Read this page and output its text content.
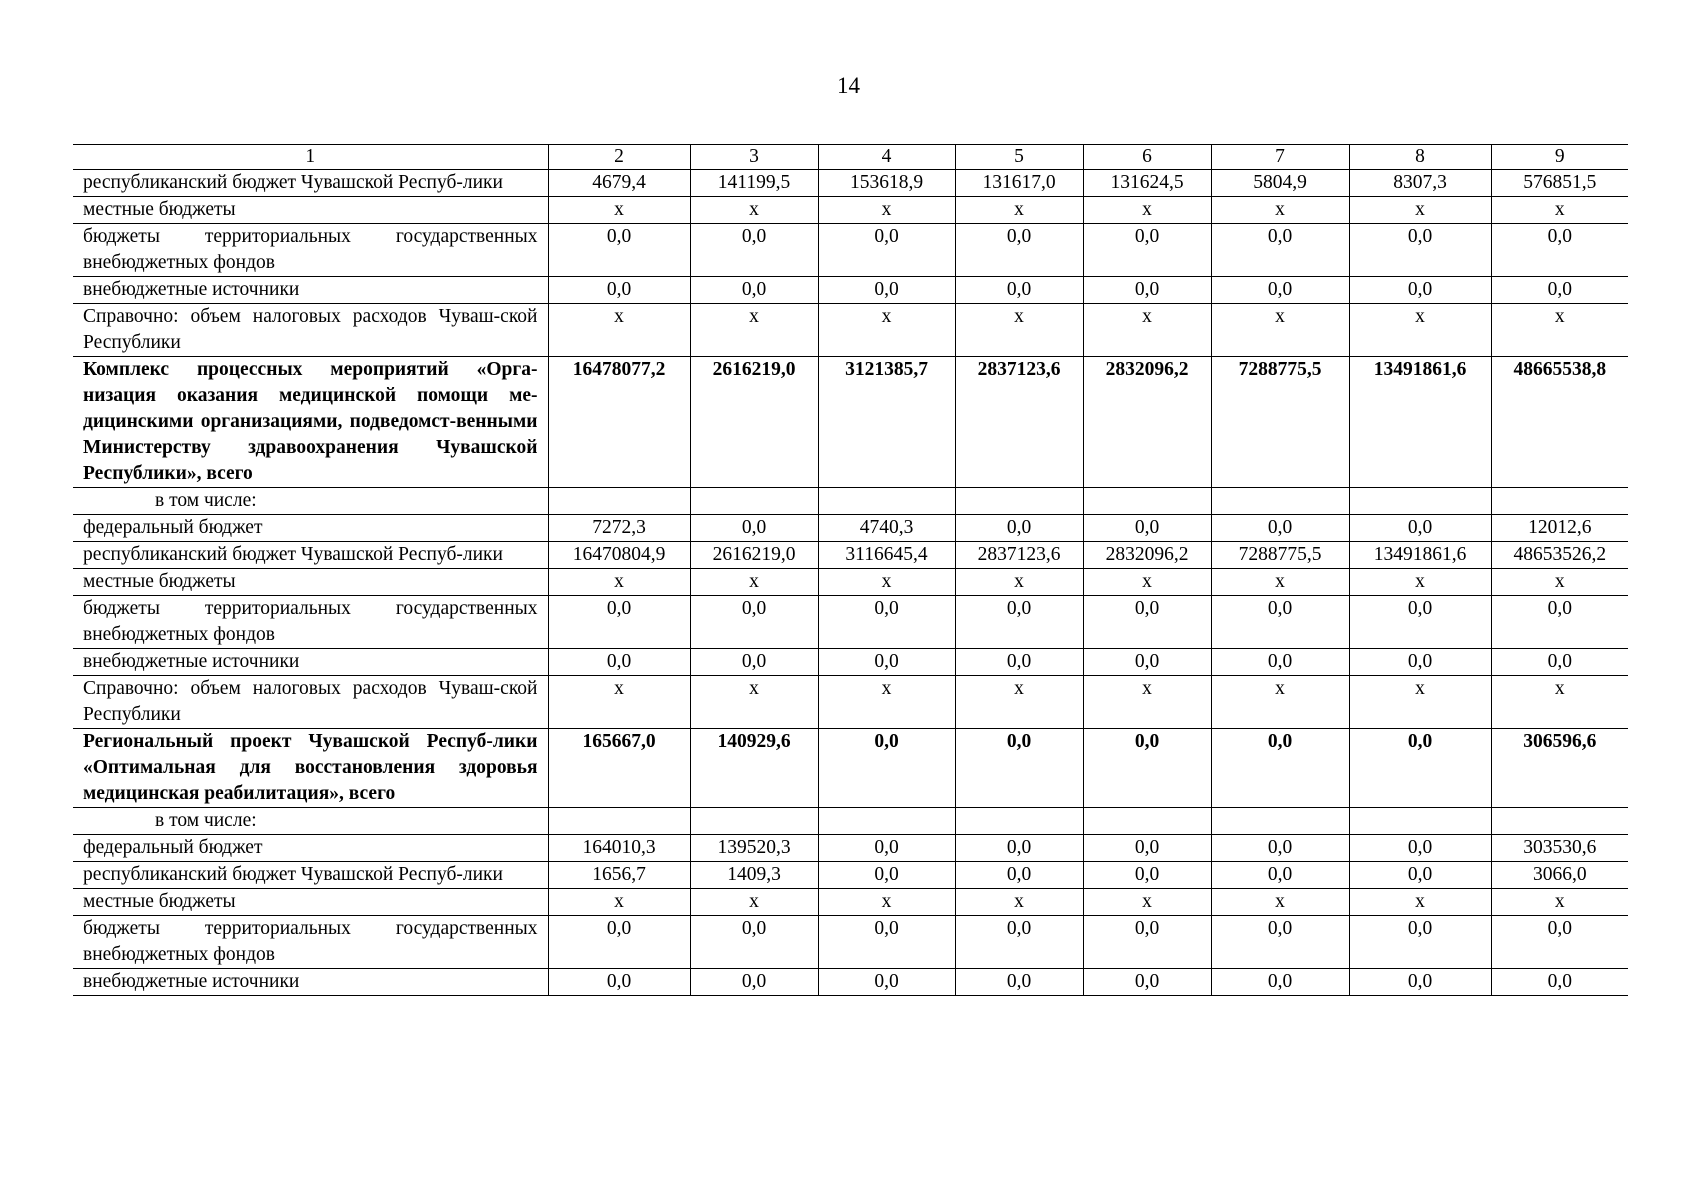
14
1	2	3	4	5	6	7	8	9
республиканский бюджет Чувашской Респуб-лики	4679,4	141199,5	153618,9	131617,0	131624,5	5804,9	8307,3	576851,5
местные бюджеты	x	x	x	x	x	x	x	x
бюджеты территориальных государственных внебюджетных фондов	0,0	0,0	0,0	0,0	0,0	0,0	0,0	0,0
внебюджетные источники	0,0	0,0	0,0	0,0	0,0	0,0	0,0	0,0
Справочно: объем налоговых расходов Чуваш-ской Республики	x	x	x	x	x	x	x	x
Комплекс процессных мероприятий «Орга-низация оказания медицинской помощи ме-дицинскими организациями, подведомст-венными Министерству здравоохранения Чувашской Республики», всего	16478077,2	2616219,0	3121385,7	2837123,6	2832096,2	7288775,5	13491861,6	48665538,8
в том числе:								
федеральный бюджет	7272,3	0,0	4740,3	0,0	0,0	0,0	0,0	12012,6
республиканский бюджет Чувашской Респуб-лики	16470804,9	2616219,0	3116645,4	2837123,6	2832096,2	7288775,5	13491861,6	48653526,2
местные бюджеты	x	x	x	x	x	x	x	x
бюджеты территориальных государственных внебюджетных фондов	0,0	0,0	0,0	0,0	0,0	0,0	0,0	0,0
внебюджетные источники	0,0	0,0	0,0	0,0	0,0	0,0	0,0	0,0
Справочно: объем налоговых расходов Чуваш-ской Республики	x	x	x	x	x	x	x	x
Региональный проект Чувашской Респуб-лики «Оптимальная для восстановления здоровья медицинская реабилитация», всего	165667,0	140929,6	0,0	0,0	0,0	0,0	0,0	306596,6
в том числе:								
федеральный бюджет	164010,3	139520,3	0,0	0,0	0,0	0,0	0,0	303530,6
республиканский бюджет Чувашской Респуб-лики	1656,7	1409,3	0,0	0,0	0,0	0,0	0,0	3066,0
местные бюджеты	x	x	x	x	x	x	x	x
бюджеты территориальных государственных внебюджетных фондов	0,0	0,0	0,0	0,0	0,0	0,0	0,0	0,0
внебюджетные источники	0,0	0,0	0,0	0,0	0,0	0,0	0,0	0,0
